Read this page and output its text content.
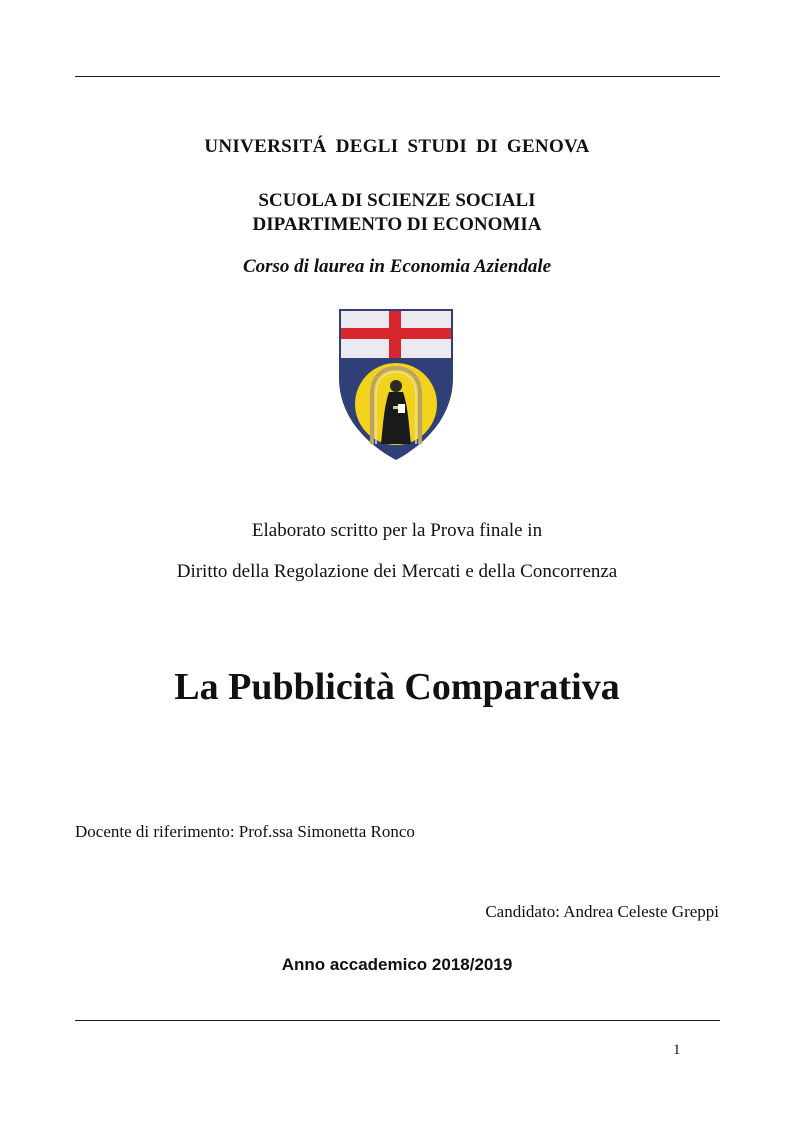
UNIVERSITÁ DEGLI STUDI DI GENOVA
SCUOLA DI SCIENZE SOCIALI
DIPARTIMENTO DI ECONOMIA
Corso di laurea in Economia Aziendale
Elaborato scritto per la Prova finale in
Diritto della Regolazione dei Mercati e della Concorrenza
La Pubblicità Comparativa
Docente di riferimento: Prof.ssa Simonetta Ronco
Candidato: Andrea Celeste Greppi
Anno accademico 2018/2019
1
